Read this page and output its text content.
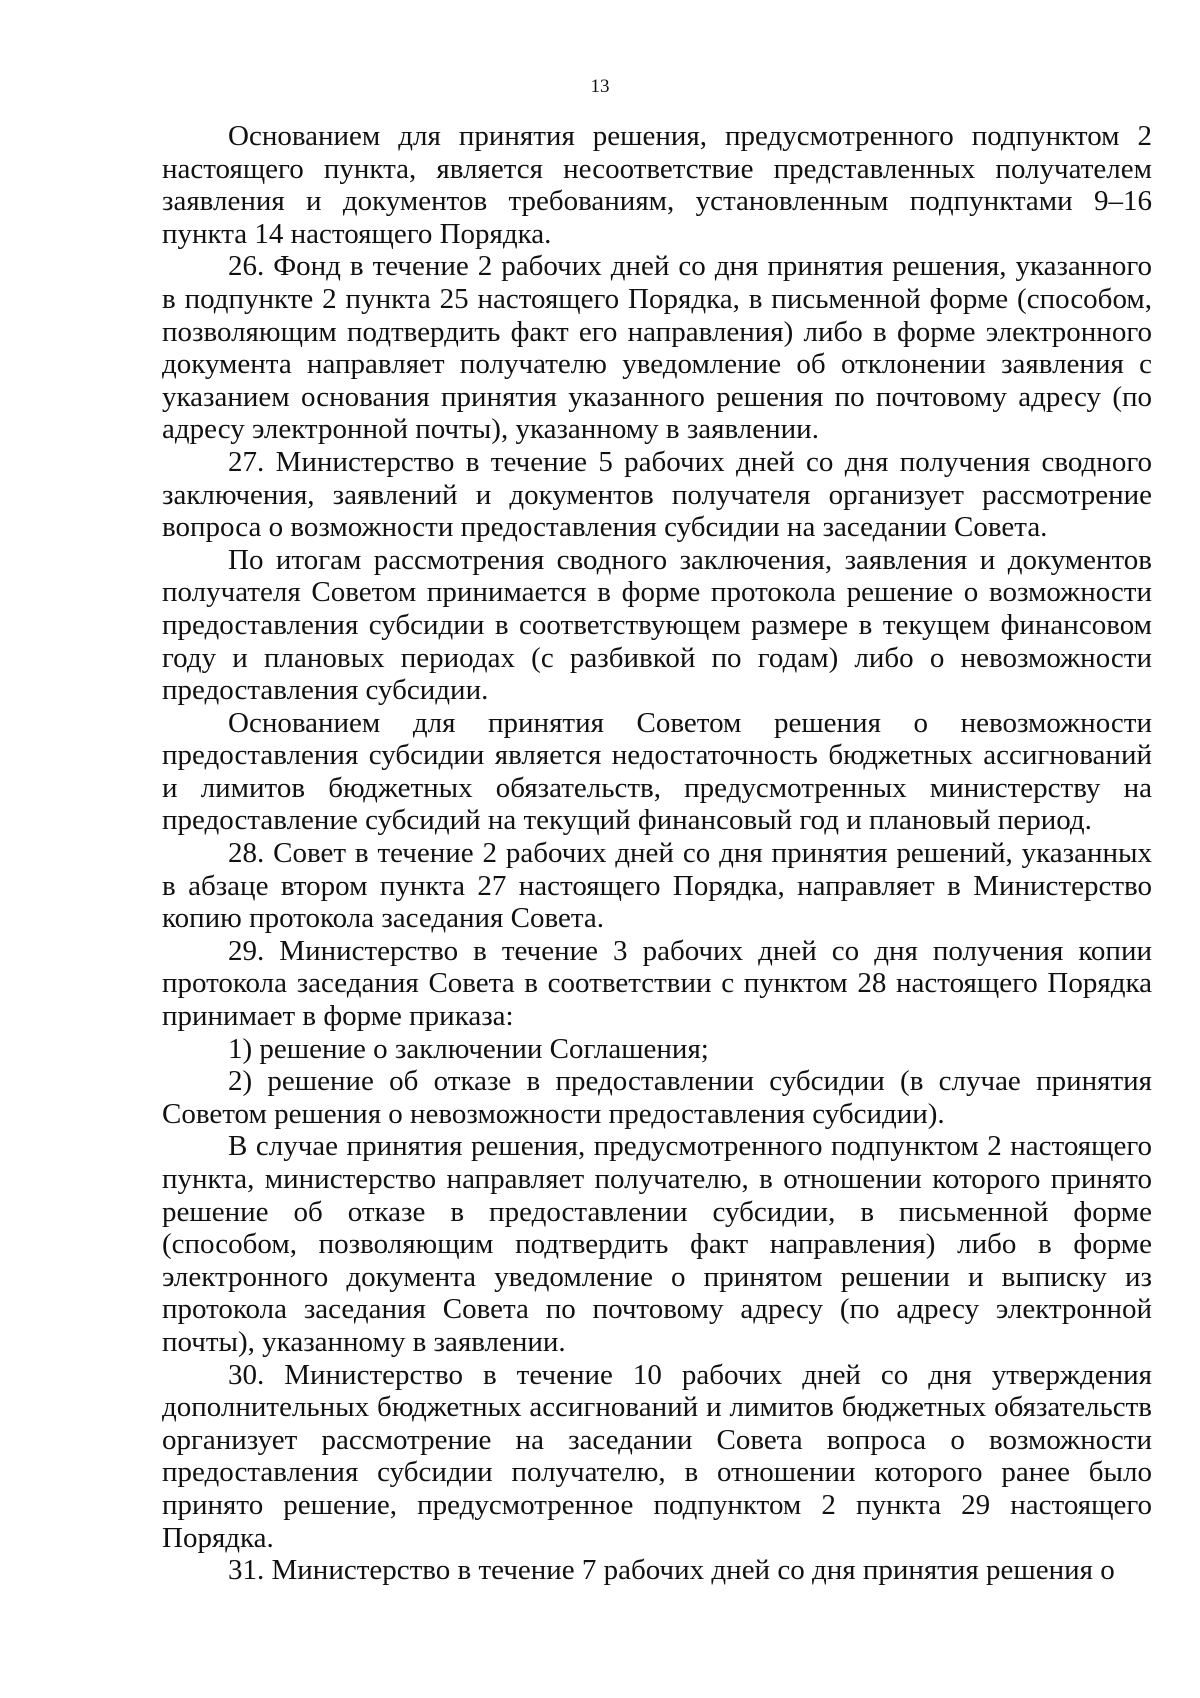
13

Основанием для принятия решения, предусмотренного подпунктом 2 настоящего пункта, является несоответствие представленных получателем заявления и документов требованиям, установленным подпунктами 9–16 пункта 14 настоящего Порядка.

26. Фонд в течение 2 рабочих дней со дня принятия решения, указанного в подпункте 2 пункта 25 настоящего Порядка, в письменной форме (способом, позволяющим подтвердить факт его направления) либо в форме электронного документа направляет получателю уведомление об отклонении заявления с указанием основания принятия указанного решения по почтовому адресу (по адресу электронной почты), указанному в заявлении.

27. Министерство в течение 5 рабочих дней со дня получения сводного заключения, заявлений и документов получателя организует рассмотрение вопроса о возможности предоставления субсидии на заседании Совета.

По итогам рассмотрения сводного заключения, заявления и документов получателя Советом принимается в форме протокола решение о возможности предоставления субсидии в соответствующем размере в текущем финансовом году и плановых периодах (с разбивкой по годам) либо о невозможности предоставления субсидии.

Основанием для принятия Советом решения о невозможности предоставления субсидии является недостаточность бюджетных ассигнований и лимитов бюджетных обязательств, предусмотренных министерству на предоставление субсидий на текущий финансовый год и плановый период.

28. Совет в течение 2 рабочих дней со дня принятия решений, указанных в абзаце втором пункта 27 настоящего Порядка, направляет в Министерство копию протокола заседания Совета.

29. Министерство в течение 3 рабочих дней со дня получения копии протокола заседания Совета в соответствии с пунктом 28 настоящего Порядка принимает в форме приказа:

1) решение о заключении Соглашения;

2) решение об отказе в предоставлении субсидии (в случае принятия Советом решения о невозможности предоставления субсидии).

В случае принятия решения, предусмотренного подпунктом 2 настоящего пункта, министерство направляет получателю, в отношении которого принято решение об отказе в предоставлении субсидии, в письменной форме (способом, позволяющим подтвердить факт направления) либо в форме электронного документа уведомление о принятом решении и выписку из протокола заседания Совета по почтовому адресу (по адресу электронной почты), указанному в заявлении.

30. Министерство в течение 10 рабочих дней со дня утверждения дополнительных бюджетных ассигнований и лимитов бюджетных обязательств организует рассмотрение на заседании Совета вопроса о возможности предоставления субсидии получателю, в отношении которого ранее было принято решение, предусмотренное подпунктом 2 пункта 29 настоящего Порядка.

31. Министерство в течение 7 рабочих дней со дня принятия решения о
